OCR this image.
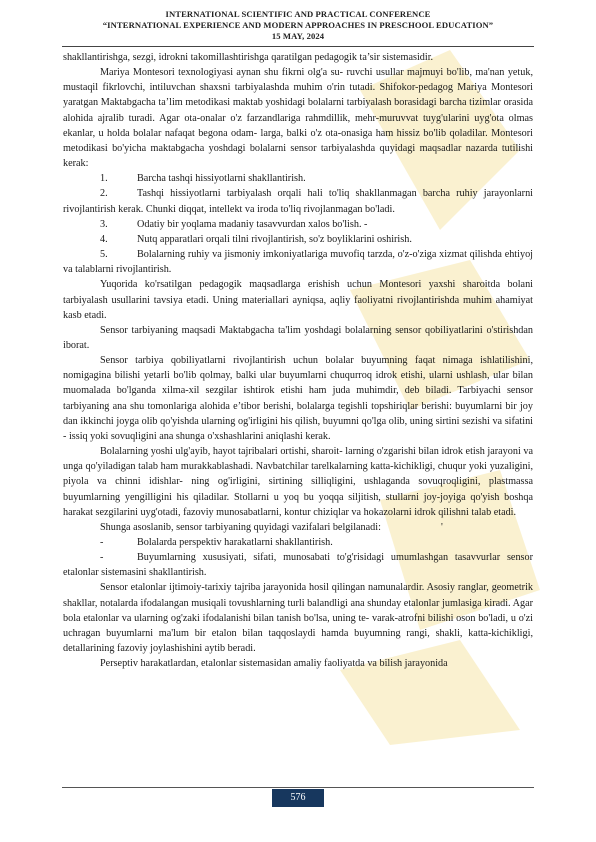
INTERNATIONAL SCIENTIFIC AND PRACTICAL CONFERENCE
“INTERNATIONAL EXPERIENCE AND MODERN APPROACHES IN PRESCHOOL EDUCATION”
15 MAY, 2024

shakllantirishga, sezgi, idrokni takomillashtirishga qaratilgan pedagogik ta’sir sistemasidir.

Mariya Montesori texnologiyasi aynan shu fikrni olg'a su- ruvchi usullar majmuyi bo'lib, ma'nan yetuk, mustaqil fikrlovchi, intiluvchan shaxsni tarbiyalashda muhim o'rin tutadi. Shifokor-pedagog Mariya Montesori yaratgan Maktabgacha ta’lim metodikasi maktab yoshidagi bolalarni tarbiyalash borasidagi barcha tizimlar orasida alohida ajralib turadi. Agar ota-onalar o'z farzandlariga rahmdillik, mehr-muruvvat tuyg'ularini uyg'ota olmas ekanlar, u holda bolalar nafaqat begona odam- larga, balki o'z ota-onasiga ham hissiz bo'lib qoladilar. Montesori metodikasi bo'yicha maktabgacha yoshdagi bolalarni sensor tarbiyalashda quyidagi maqsadlar nazarda tutilishi kerak:

1.	Barcha tashqi hissiyotlarni shakllantirish.

2.	Tashqi hissiyotlarni tarbiyalash orqali hali to'liq shakllanmagan barcha ruhiy jarayonlarni rivojlantirish kerak. Chunki diqqat, intellekt va iroda to'liq rivojlanmagan bo'ladi.

3.	Odatiy bir yoqlama madaniy tasavvurdan xalos bo'lish. -

4.	Nutq apparatlari orqali tilni rivojlantirish, so'z boyliklarini oshirish.

5.	Bolalarning ruhiy va jismoniy imkoniyatlariga muvofiq tarzda, o'z-o'ziga xizmat qilishda ehtiyoj va talablarni rivojlantirish.

Yuqorida ko'rsatilgan pedagogik maqsadlarga erishish uchun Montesori yaxshi sharoitda bolani tarbiyalash usullarini tavsiya etadi. Uning materiallari ayniqsa, aqliy faoliyatni rivojlantirishda muhim ahamiyat kasb etadi.

Sensor tarbiyaning maqsadi Maktabgacha ta'lim yoshdagi bolalarning sensor qobiliyatlarini o'stirishdan iborat.

Sensor tarbiya qobiliyatlarni rivojlantirish uchun bolalar buyumning faqat nimaga ishlatilishini, nomigagina bilishi yetarli bo'lib qolmay, balki ular buyumlarni chuqurroq idrok etishi, ularni ushlash, ular bilan muomalada bo'lganda xilma-xil sezgilar ishtirok etishi ham juda muhimdir, deb biladi. Tarbiyachi sensor tarbiyaning ana shu tomonlariga alohida e’tibor berishi, bolalarga tegishli topshiriqlar berishi: buyumlarni bir joy dan ikkinchi joyga olib qo'yishda ularning og'irligini his qilish, buyumni qo'lga olib, uning sirtini sezishi va sifatini - issiq yoki sovuqligini ana shunga o'xshashlarini aniqlashi kerak.

Bolalarning yoshi ulg'ayib, hayot tajribalari ortishi, sharoit- larning o'zgarishi bilan idrok etish jarayoni va unga qo'yiladigan talab ham murakkablashadi. Navbatchilar tarelkalarning katta-kichikligi, chuqur yoki yuzaligini, piyola va chinni idishlar- ning og'irligini, sirtining silliqligini, ushlaganda sovuqroqligini, plastmassa buyumlarning yengilligini his qiladilar. Stollarni u yoq bu yoqqa siljitish, stullarni joy-joyiga qo'yish boshqa harakat sezgilarini uyg'otadi, fazoviy munosabatlarni, kontur chiziqlar va hokazolarni idrok qilishni talab etadi.

Shunga asoslanib, sensor tarbiyaning quyidagi vazifalari belgilanadi:	'

-	Bolalarda perspektiv harakatlarni shakllantirish.

-	Buyumlarning xususiyati, sifati, munosabati to'g'risidagi umumlashgan tasavvurlar sensor etalonlar sistemasini shakllantirish.

Sensor etalonlar ijtimoiy-tarixiy tajriba jarayonida hosil qilingan namunalardir. Asosiy ranglar, geometrik shakllar, notalarda ifodalangan musiqali tovushlarning turli balandligi ana shunday etalonlar jumlasiga kiradi. Agar bola etalonlar va ularning og'zaki ifodalanishi bilan tanish bo'lsa, uning te- varak-atrofni bilishi oson bo'ladi, u o'zi uchragan buyumlarni ma'lum bir etalon bilan taqqoslaydi hamda buyumning rangi, shakli, katta-kichikligi, detallarining fazoviy joylashishini aytib beradi.

Perseptiv harakatlardan, etalonlar sistemasidan amaliy faoliyatda va bilish jarayonida

576
